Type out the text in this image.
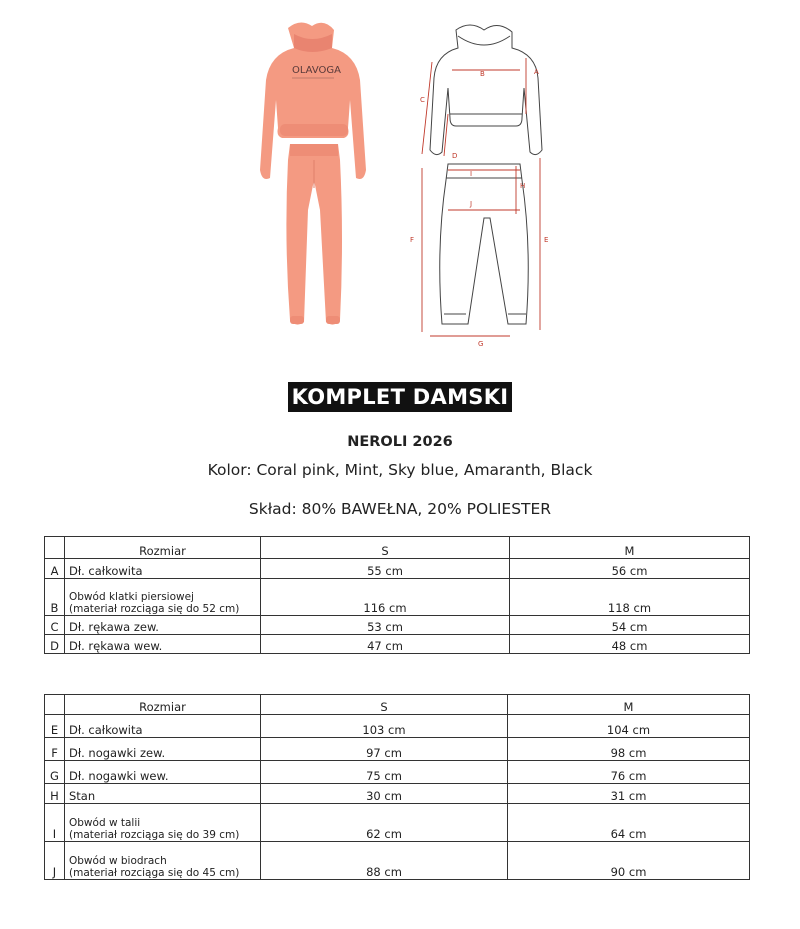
OLAVOGA	A
B
C
D
E
F
G
H
I
J
KOMPLET DAMSKI
NEROLI 2026
Kolor: Coral pink, Mint, Sky blue, Amaranth, Black
Skład: 80% BAWEŁNA, 20% POLIESTER
	Rozmiar	S	M
A	Dł. całkowita	55 cm	56 cm
B	Obwód klatki piersiowej
(materiał rozciąga się do 52 cm)	116 cm	118 cm
C	Dł. rękawa zew.	53 cm	54 cm
D	Dł. rękawa wew.	47 cm	48 cm
	Rozmiar	S	M
E	Dł. całkowita	103 cm	104 cm
F	Dł. nogawki zew.	97 cm	98 cm
G	Dł. nogawki wew.	75 cm	76 cm
H	Stan	30 cm	31 cm
I	Obwód w talii
(materiał rozciąga się do 39 cm)	62 cm	64 cm
J	Obwód w biodrach
(materiał rozciąga się do 45 cm)	88 cm	90 cm
